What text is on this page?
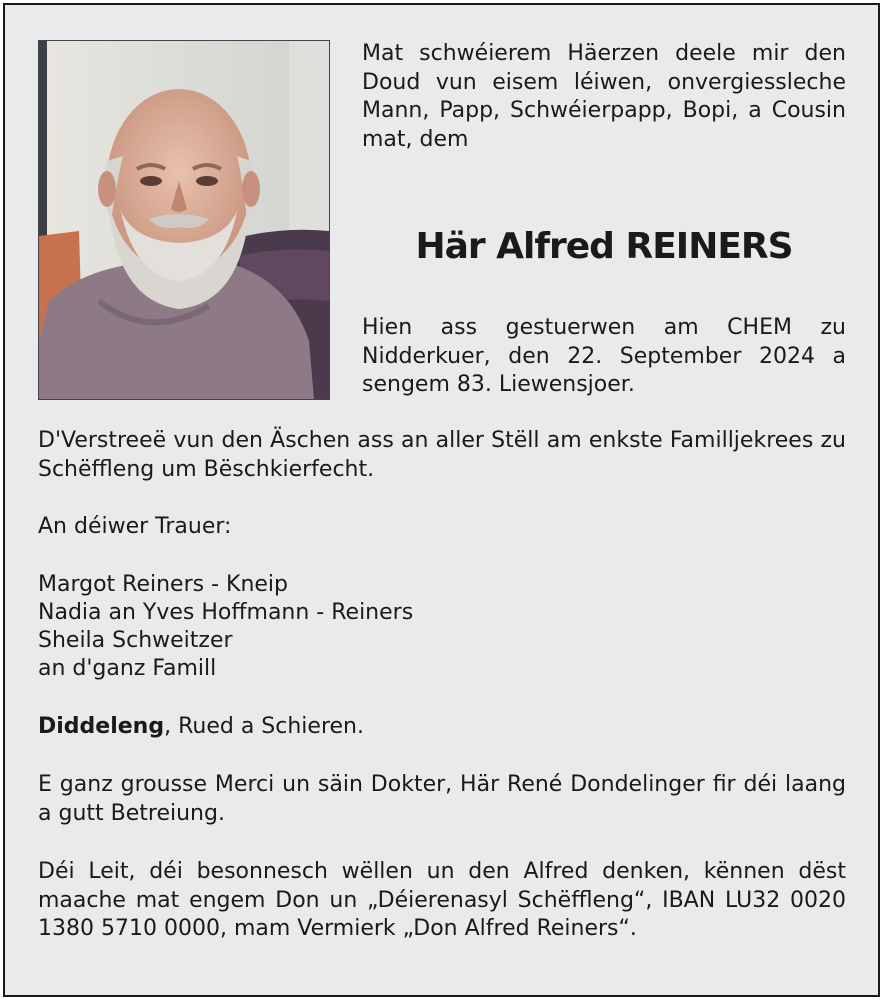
Mat schwéierem Häerzen deele mir den Doud vun eisem léiwen, onvergiessleche Mann, Papp, Schwéierpapp, Bopi, a Cousin mat, dem

Här Alfred REINERS

Hien ass gestuerwen am CHEM zu Nidderkuer, den 22. September 2024 a sengem 83. Liewensjoer.

D'Verstreeë vun den Äschen ass an aller Stëll am enkste Familljekrees zu Schëffleng um Bëschkierfecht.

An déiwer Trauer:

Margot Reiners - Kneip

Nadia an Yves Hoffmann - Reiners

Sheila Schweitzer

an d'ganz Famill

Diddeleng, Rued a Schieren.

E ganz grousse Merci un säin Dokter, Här René Dondelinger fir déi laang a gutt Betreiung.

Déi Leit, déi besonnesch wëllen un den Alfred denken, kënnen dëst maache mat engem Don un „Déierenasyl Schëffleng“, IBAN LU32 0020 1380 5710 0000, mam Vermierk „Don Alfred Reiners“.
